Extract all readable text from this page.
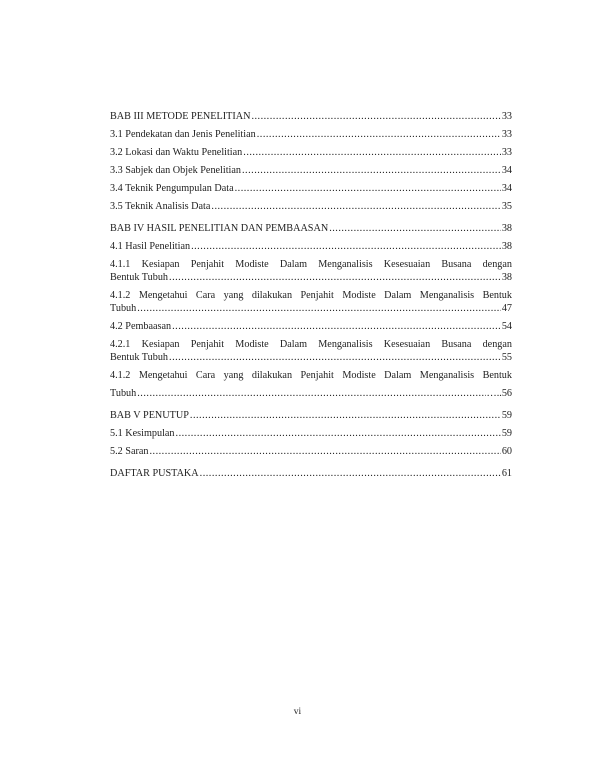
BAB III METODE PENELITIAN .....	33
3.1 Pendekatan dan Jenis Penelitian .....	33
3.2 Lokasi dan Waktu Penelitian .....	33
3.3 Sabjek dan Objek Penelitian .....	34
3.4 Teknik Pengumpulan Data .....	34
3.5 Teknik Analisis Data .....	35
BAB IV HASIL PENELITIAN DAN PEMBAASAN .....	38
4.1 Hasil Penelitian .....	38
4.1.1 Kesiapan Penjahit Modiste Dalam Menganalisis Kesesuaian Busana dengan
Bentuk Tubuh .....	38
4.1.2 Mengetahui Cara yang dilakukan Penjahit Modiste Dalam Menganalisis Bentuk
Tubuh .....	47
4.2 Pembaasan .....	54
4.2.1 Kesiapan Penjahit Modiste Dalam Menganalisis Kesesuaian Busana dengan
Bentuk Tubuh .....	55
4.1.2 Mengetahui Cara yang dilakukan Penjahit Modiste Dalam Menganalisis Bentuk
Tubuh .....	…..56
BAB V PENUTUP .....	59
5.1 Kesimpulan .....	59
5.2 Saran .....	60
DAFTAR PUSTAKA .....	61
vi
